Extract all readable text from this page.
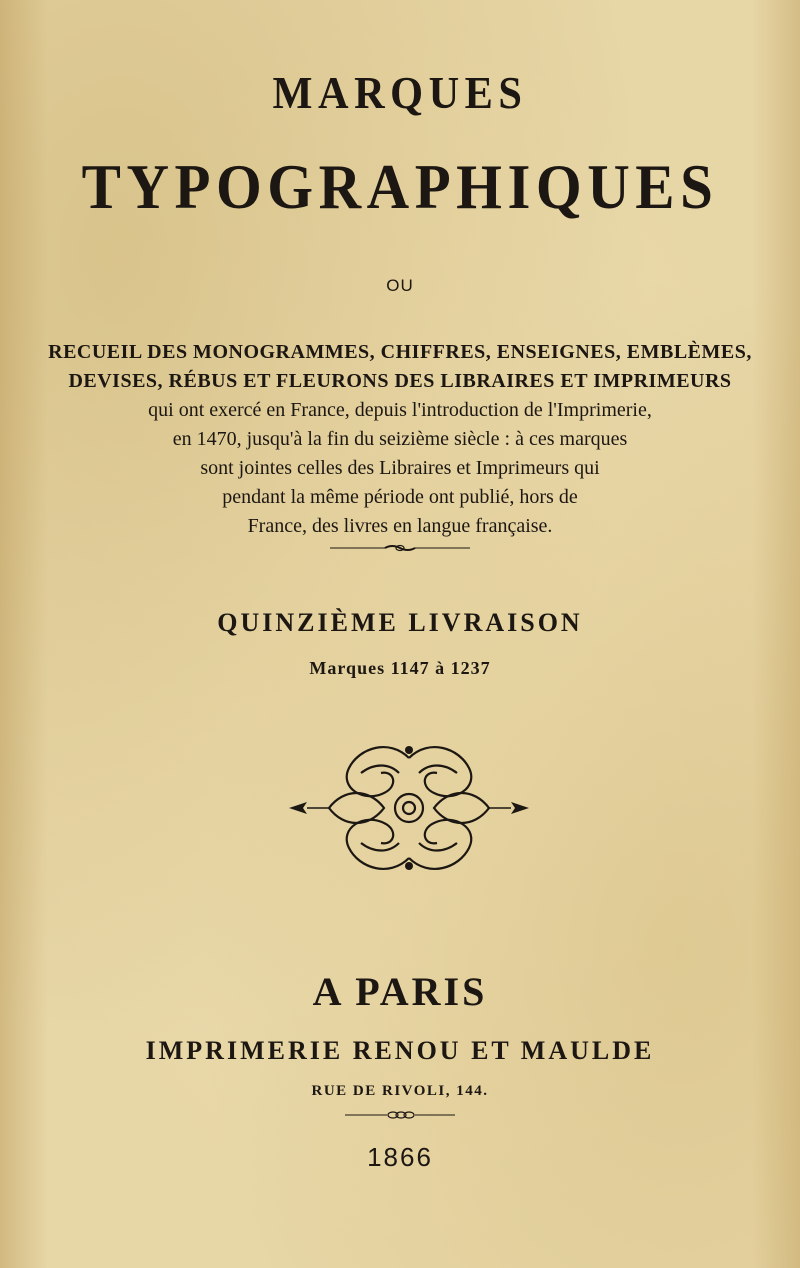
MARQUES
TYPOGRAPHIQUES
OU
RECUEIL DES MONOGRAMMES, CHIFFRES, ENSEIGNES, EMBLÈMES,
DEVISES, RÉBUS ET FLEURONS DES LIBRAIRES ET IMPRIMEURS
qui ont exercé en France, depuis l'introduction de l'Imprimerie,
en 1470, jusqu'à la fin du seizième siècle : à ces marques
sont jointes celles des Libraires et Imprimeurs qui
pendant la même période ont publié, hors de
France, des livres en langue française.
QUINZIÈME LIVRAISON
Marques 1147 à 1237
A PARIS
IMPRIMERIE RENOU ET MAULDE
RUE DE RIVOLI, 144.
1866
